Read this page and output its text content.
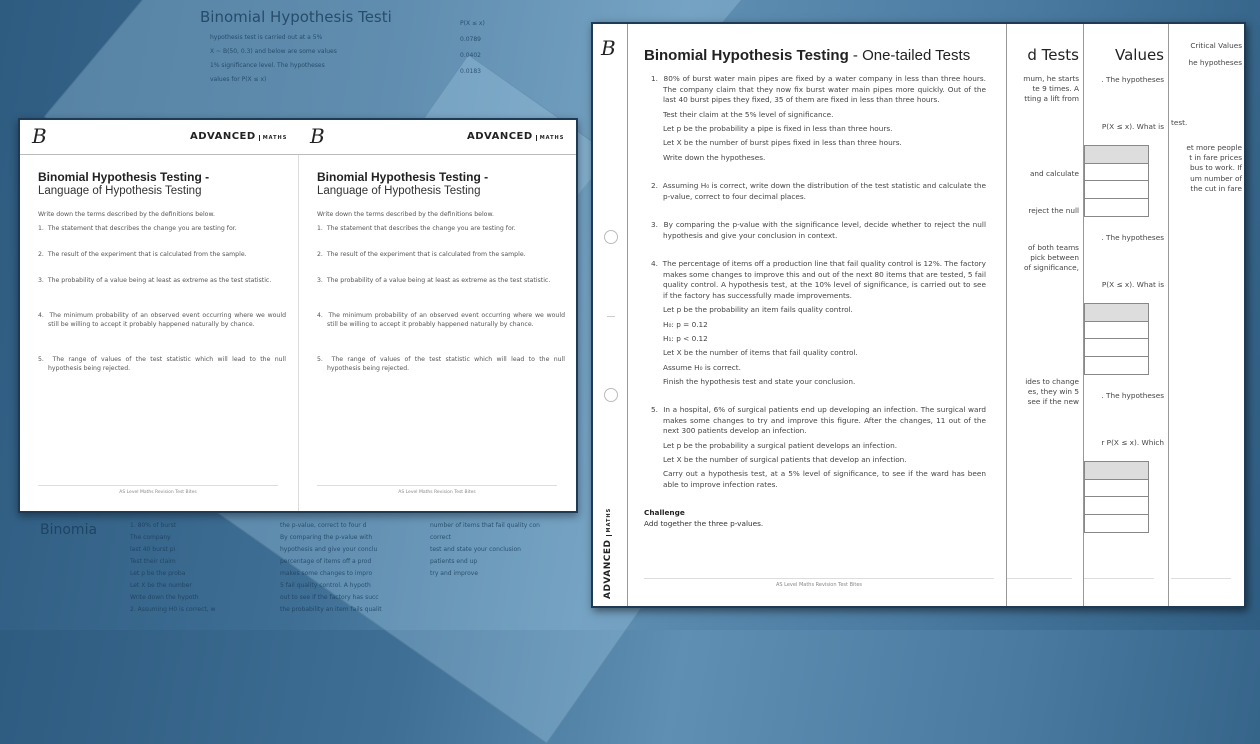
Binomial Hypothesis Testi
hypothesis test is carried out at a 5%
X ~ B(50, 0.3) and below are some values
1% significance level. The hypotheses
values for P(X ≤ x)
P(X ≤ x)
0.0789
0.0402
0.0183
Binomia	1. 80% of burst
The company
last 40 burst pi
Test their claim
Let p be the proba
Let X be the number
Write down the hypoth
2. Assuming H0 is correct, w
the p-value, correct to four d
By comparing the p-value with
hypothesis and give your conclu
percentage of items off a prod
makes some changes to impro
5 fail quality control. A hypoth
out to see if the factory has succ
the probability an item fails qualit
number of items that fail quality con
correct
test and state your conclusion
patients end up
try and improve
B	ADVANCED MATHS B	ADVANCED MATHS
Binomial Hypothesis Testing -
Language of Hypothesis Testing
Write down the terms described by the definitions below.
1.  The statement that describes the change you are testing for.
2.  The result of the experiment that is calculated from the sample.
3.  The probability of a value being at least as extreme as the test statistic.
4.  The minimum probability of an observed event occurring where we would still be willing to accept it probably happened naturally by chance.
5.  The range of values of the test statistic which will lead to the null hypothesis being rejected.
AS Level Maths Revision Test Bites
Binomial Hypothesis Testing -
Language of Hypothesis Testing
Write down the terms described by the definitions below.
1.  The statement that describes the change you are testing for.
2.  The result of the experiment that is calculated from the sample.
3.  The probability of a value being at least as extreme as the test statistic.
4.  The minimum probability of an observed event occurring where we would still be willing to accept it probably happened naturally by chance.
5.  The range of values of the test statistic which will lead to the null hypothesis being rejected.
AS Level Maths Revision Test Bites
B
ADVANCEDMATHS
Binomial Hypothesis Testing - One-tailed Tests
1.  80% of burst water main pipes are fixed by a water company in less than three hours. The company claim that they now fix burst water main pipes more quickly. Out of the last 40 burst pipes they fixed, 35 of them are fixed in less than three hours.
Test their claim at the 5% level of significance.
Let p be the probability a pipe is fixed in less than three hours.
Let X be the number of burst pipes fixed in less than three hours.
Write down the hypotheses.
2.  Assuming H₀ is correct, write down the distribution of the test statistic and calculate the p-value, correct to four decimal places.
3.  By comparing the p-value with the significance level, decide whether to reject the null hypothesis and give your conclusion in context.
4.  The percentage of items off a production line that fail quality control is 12%. The factory makes some changes to improve this and out of the next 80 items that are tested, 5 fail quality control. A hypothesis test, at the 10% level of significance, is carried out to see if the factory has successfully made improvements.
Let p be the probability an item fails quality control.
H₀: p = 0.12
H₁: p < 0.12
Let X be the number of items that fail quality control.
Assume H₀ is correct.
Finish the hypothesis test and state your conclusion.
5.  In a hospital, 6% of surgical patients end up developing an infection. The surgical ward makes some changes to try and improve this figure. After the changes, 11 out of the next 300 patients develop an infection.
Let p be the probability a surgical patient develops an infection.
Let X be the number of surgical patients that develop an infection.
Carry out a hypothesis test, at a 5% level of significance, to see if the ward has been able to improve infection rates.
Challenge
Add together the three p-values.
AS Level Maths Revision Test Bites
d Tests
mum, he starts
te 9 times. A
tting a lift from
and calculate
reject the null
of both teams
pick between
of significance,
ides to change
es, they win 5
see if the new
Values
. The hypotheses
P(X ≤ x). What is
. The hypotheses
P(X ≤ x). What is
. The hypotheses
r P(X ≤ x). Which
Critical Values
he hypotheses
test.
et more people
t in fare prices
bus to work. If
um number of
the cut in fare
